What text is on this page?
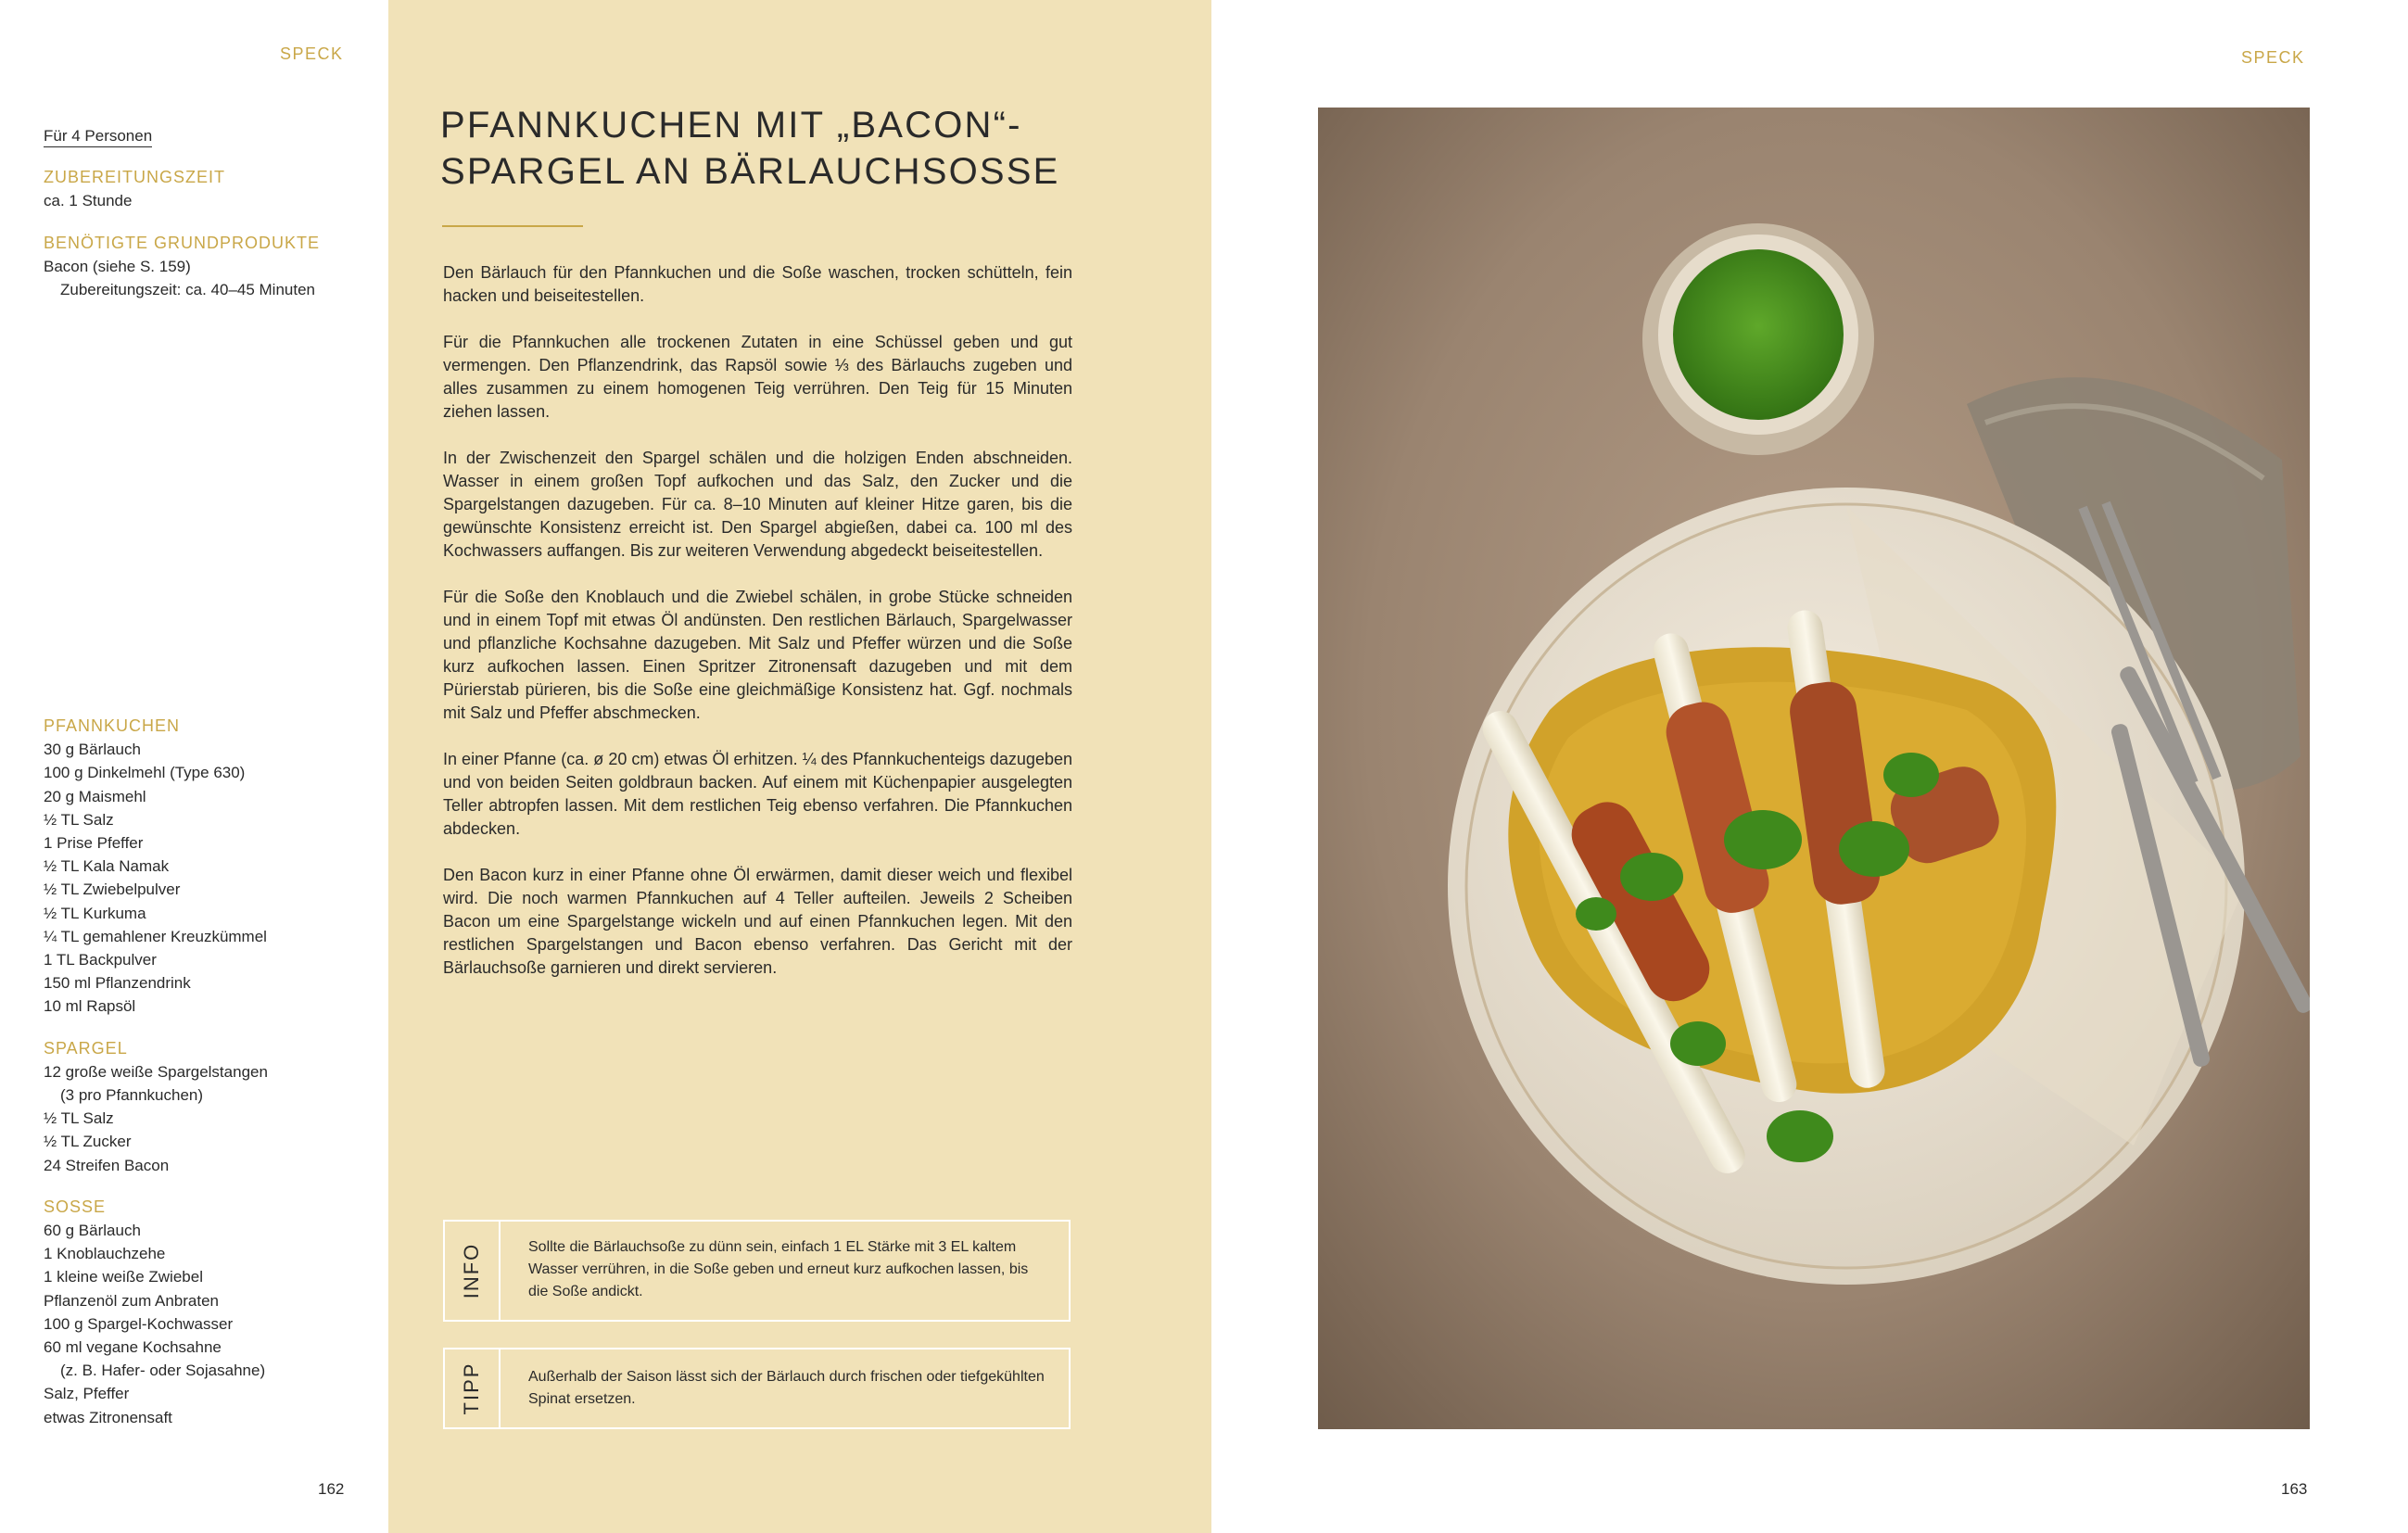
SPECK
Für 4 Personen
ZUBEREITUNGSZEIT
ca. 1 Stunde
BENÖTIGTE GRUNDPRODUKTE
Bacon (siehe S. 159)
Zubereitungszeit: ca. 40–45 Minuten
PFANNKUCHEN
30 g Bärlauch
100 g Dinkelmehl (Type 630)
20 g Maismehl
½ TL Salz
1 Prise Pfeffer
½ TL Kala Namak
½ TL Zwiebelpulver
½ TL Kurkuma
¼ TL gemahlener Kreuzkümmel
1 TL Backpulver
150 ml Pflanzendrink
10 ml Rapsöl
SPARGEL
12 große weiße Spargelstangen
(3 pro Pfannkuchen)
½ TL Salz
½ TL Zucker
24 Streifen Bacon
SOSSE
60 g Bärlauch
1 Knoblauchzehe
1 kleine weiße Zwiebel
Pflanzenöl zum Anbraten
100 g Spargel-Kochwasser
60 ml vegane Kochsahne
(z. B. Hafer- oder Sojasahne)
Salz, Pfeffer
etwas Zitronensaft
162
PFANNKUCHEN MIT „BACON“-
SPARGEL AN BÄRLAUCHSOSSE

Den Bärlauch für den Pfannkuchen und die Soße waschen, trocken schütteln, fein hacken und beiseitestellen.

Für die Pfannkuchen alle trockenen Zutaten in eine Schüssel geben und gut vermengen. Den Pflanzendrink, das Rapsöl sowie ⅓ des Bärlauchs zugeben und alles zusammen zu einem homogenen Teig verrühren. Den Teig für 15 Minuten ziehen lassen.

In der Zwischenzeit den Spargel schälen und die holzigen Enden abschneiden. Wasser in einem großen Topf aufkochen und das Salz, den Zucker und die Spargelstangen dazugeben. Für ca. 8–10 Minuten auf kleiner Hitze garen, bis die gewünschte Konsistenz erreicht ist. Den Spargel abgießen, dabei ca. 100 ml des Kochwassers auffangen. Bis zur weiteren Verwendung abgedeckt beiseitestellen.

Für die Soße den Knoblauch und die Zwiebel schälen, in grobe Stücke schneiden und in einem Topf mit etwas Öl andünsten. Den restlichen Bärlauch, Spargelwasser und pflanzliche Kochsahne dazugeben. Mit Salz und Pfeffer würzen und die Soße kurz aufkochen lassen. Einen Spritzer Zitronensaft dazugeben und mit dem Pürierstab pürieren, bis die Soße eine gleichmäßige Konsistenz hat. Ggf. nochmals mit Salz und Pfeffer abschmecken.

In einer Pfanne (ca. ø 20 cm) etwas Öl erhitzen. ¼ des Pfannkuchenteigs dazugeben und von beiden Seiten goldbraun backen. Auf einem mit Küchenpapier ausgelegten Teller abtropfen lassen. Mit dem restlichen Teig ebenso verfahren. Die Pfannkuchen abdecken.

Den Bacon kurz in einer Pfanne ohne Öl erwärmen, damit dieser weich und flexibel wird. Die noch warmen Pfannkuchen auf 4 Teller aufteilen. Jeweils 2 Scheiben Bacon um eine Spargelstange wickeln und auf einen Pfannkuchen legen. Mit den restlichen Spargelstangen und Bacon ebenso verfahren. Das Gericht mit der Bärlauchsoße garnieren und direkt servieren.

INFO	Sollte die Bärlauchsoße zu dünn sein, einfach 1 EL Stärke mit 3 EL kaltem Wasser verrühren, in die Soße geben und erneut kurz aufkochen lassen, bis die Soße andickt.
TIPP	Außerhalb der Saison lässt sich der Bärlauch durch frischen oder tiefgekühlten Spinat ersetzen.
SPECK
163
